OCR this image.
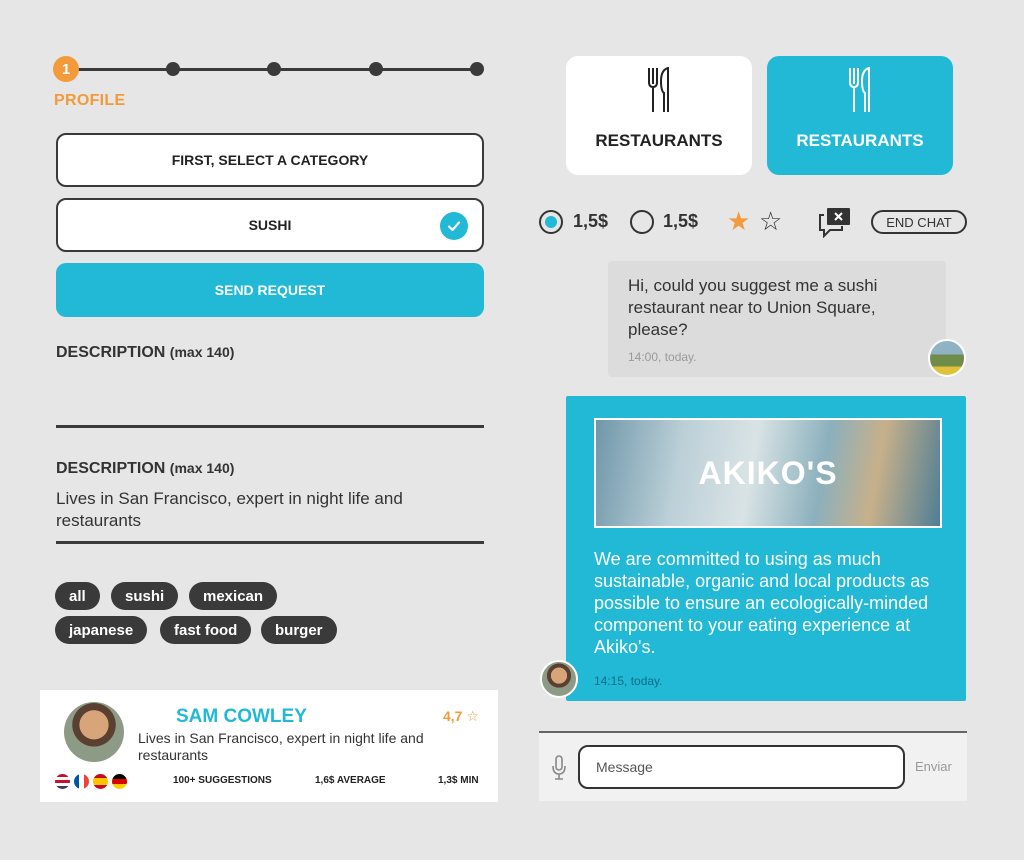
1
PROFILE
FIRST, SELECT A CATEGORY
SUSHI
SEND REQUEST
DESCRIPTION (max 140)
DESCRIPTION (max 140)
Lives in San Francisco, expert in night life and restaurants
all	sushi	mexican
japanese	fast food	burger
SAM COWLEY	4,7 ☆
Lives in San Francisco, expert in night life and restaurants
100+ SUGGESTIONS	1,6$ AVERAGE	1,3$ MIN
RESTAURANTS	RESTAURANTS
1,5$	1,5$ ★ ☆	END CHAT
Hi, could you suggest me a sushi restaurant near to Union Square, please?
14:00, today.
AKIKO'S
We are committed to using as much sustainable, organic and local products as possible to ensure an ecologically-minded component to your eating experience at Akiko's.
14:15, today.
Message
Enviar
